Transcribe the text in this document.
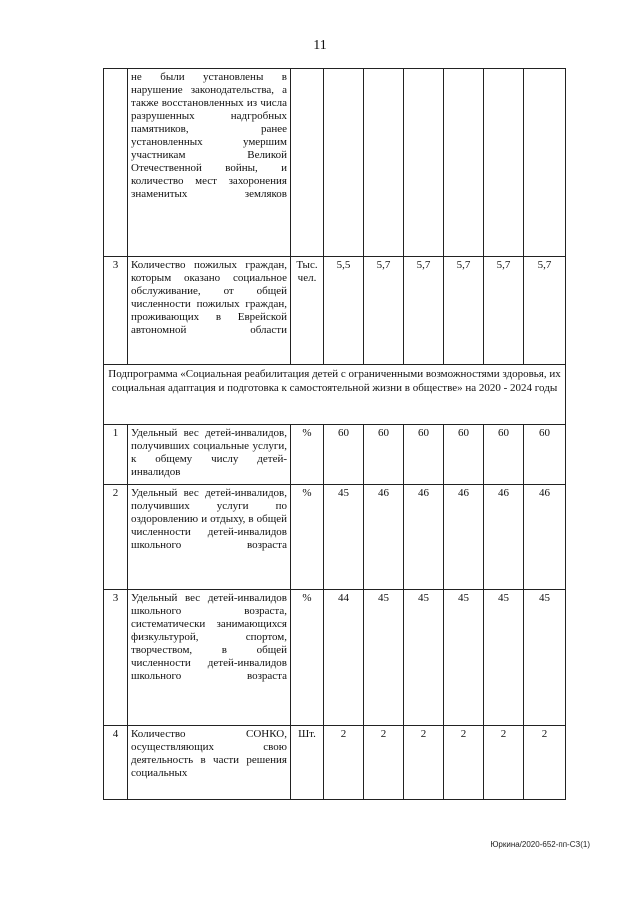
11
	не были установлены в нарушение законодательства, а также восстановленных из числа разрушенных надгробных памятников, ранее установленных умершим участникам Великой Отечественной войны, и количество мест захоронения знаменитых земляков							
3	Количество пожилых граждан, которым оказано социальное обслуживание, от общей численности пожилых граждан, проживающих в Еврейской автономной области	Тыс. чел.	5,5	5,7	5,7	5,7	5,7	5,7
Подпрограмма «Социальная реабилитация детей с ограниченными возможностями здоровья, их социальная адаптация и подготовка к самостоятельной жизни в обществе» на 2020 - 2024 годы								
1	Удельный вес детей-инвалидов, получивших социальные услуги, к общему числу детей-инвалидов	%	60	60	60	60	60	60
2	Удельный вес детей-инвалидов, получивших услуги по оздоровлению и отдыху, в общей численности детей-инвалидов школьного возраста	%	45	46	46	46	46	46
3	Удельный вес детей-инвалидов школьного возраста, систематически занимающихся физкультурой, спортом, творчеством, в общей численности детей-инвалидов школьного возраста	%	44	45	45	45	45	45
4	Количество СОНКО, осуществляющих свою деятельность в части решения социальных	Шт.	2	2	2	2	2	2
Юркина/2020-652-пп-СЗ(1)
